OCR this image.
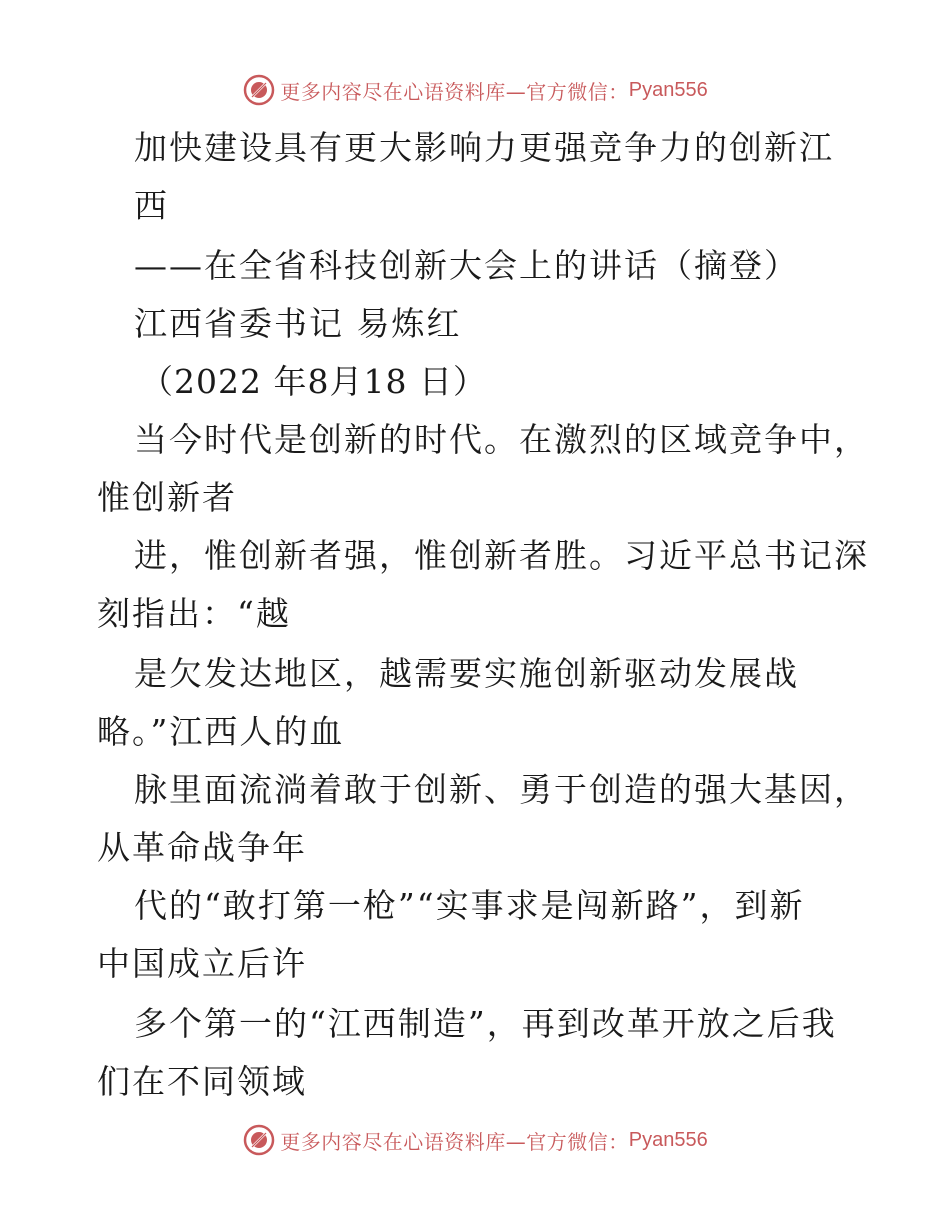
更多内容尽在心语资料库—官方微信： Pyan556
加快建设具有更大影响力更强竞争力的创新江
西
——在全省科技创新大会上的讲话（摘登）
江西省委书记 易炼红
（2022 年8月18 日）
当今时代是创新的时代。在激烈的区域竞争中，
惟创新者
进，惟创新者强，惟创新者胜。习近平总书记深
刻指出：“越
是欠发达地区，越需要实施创新驱动发展战
略。”江西人的血
脉里面流淌着敢于创新、勇于创造的强大基因，
从革命战争年
代的“敢打第一枪”“实事求是闯新路”，到新
中国成立后许
多个第一的“江西制造”，再到改革开放之后我
们在不同领域
更多内容尽在心语资料库—官方微信： Pyan556
